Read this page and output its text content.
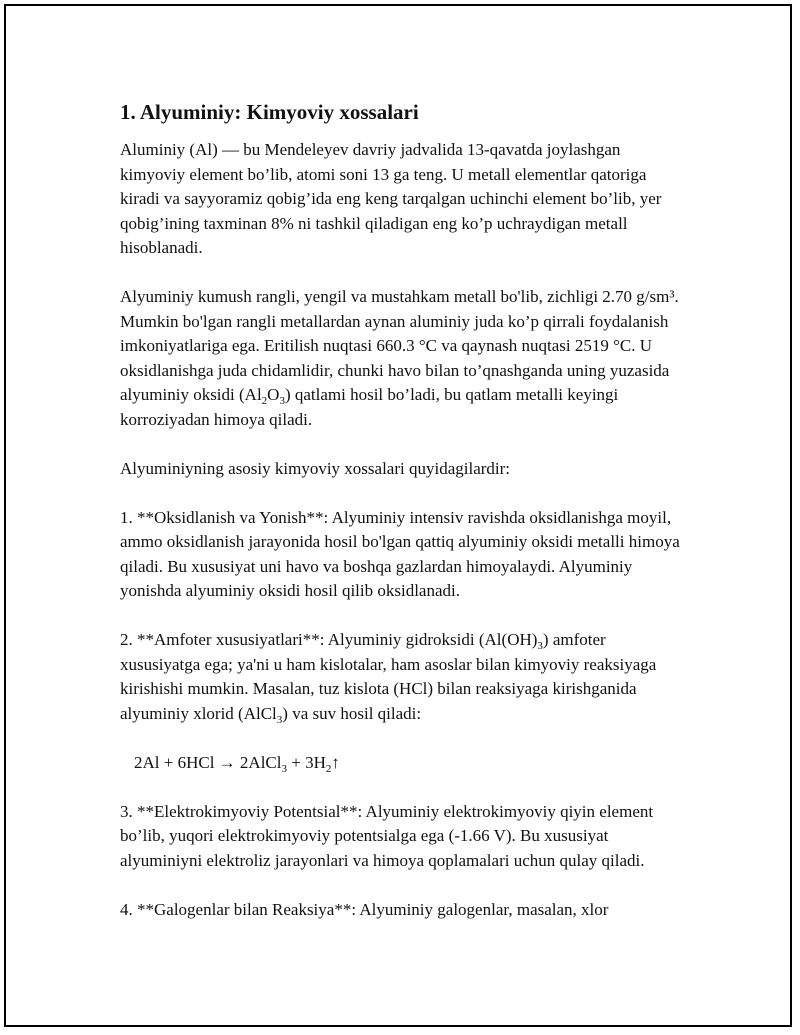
1. Alyuminiy: Kimyoviy xossalari

Aluminiy (Al) — bu Mendeleyev davriy jadvalida 13-qavatda joylashgan kimyoviy element bo’lib, atomi soni 13 ga teng. U metall elementlar qatoriga kiradi va sayyoramiz qobig’ida eng keng tarqalgan uchinchi element bo’lib, yer qobig’ining taxminan 8% ni tashkil qiladigan eng ko’p uchraydigan metall hisoblanadi.

Alyuminiy kumush rangli, yengil va mustahkam metall bo'lib, zichligi 2.70 g/sm³. Mumkin bo'lgan rangli metallardan aynan aluminiy juda ko’p qirrali foydalanish imkoniyatlariga ega. Eritilish nuqtasi 660.3 °C va qaynash nuqtasi 2519 °C. U oksidlanishga juda chidamlidir, chunki havo bilan to’qnashganda uning yuzasida alyuminiy oksidi $(Al_2O_3)$ qatlami hosil bo’ladi, bu qatlam metalli keyingi korroziyadan himoya qiladi.

Alyuminiyning asosiy kimyoviy xossalari quyidagilardir:

1. **Oksidlanish va Yonish**: Alyuminiy intensiv ravishda oksidlanishga moyil, ammo oksidlanish jarayonida hosil bo'lgan qattiq alyuminiy oksidi metalli himoya qiladi. Bu xususiyat uni havo va boshqa gazlardan himoyalaydi. Alyuminiy yonishda alyuminiy oksidi hosil qilib oksidlanadi.

2. **Amfoter xususiyatlari**: Alyuminiy gidroksidi $(Al(OH)_3)$ amfoter xususiyatga ega; ya'ni u ham kislotalar, ham asoslar bilan kimyoviy reaksiyaga kirishishi mumkin. Masalan, tuz kislota (HCl) bilan reaksiyaga kirishganida alyuminiy xlorid (AlCl$_3$) va suv hosil qiladi:

2Al + 6HCl → 2AlCl$_3$ + $3H_2↑$

3. **Elektrokimyoviy Potentsial**: Alyuminiy elektrokimyoviy qiyin element bo’lib, yuqori elektrokimyoviy potentsialga ega (-1.66 V). Bu xususiyat alyuminiyni elektroliz jarayonlari va himoya qoplamalari uchun qulay qiladi.

4. **Galogenlar bilan Reaksiya**: Alyuminiy galogenlar, masalan, xlor
